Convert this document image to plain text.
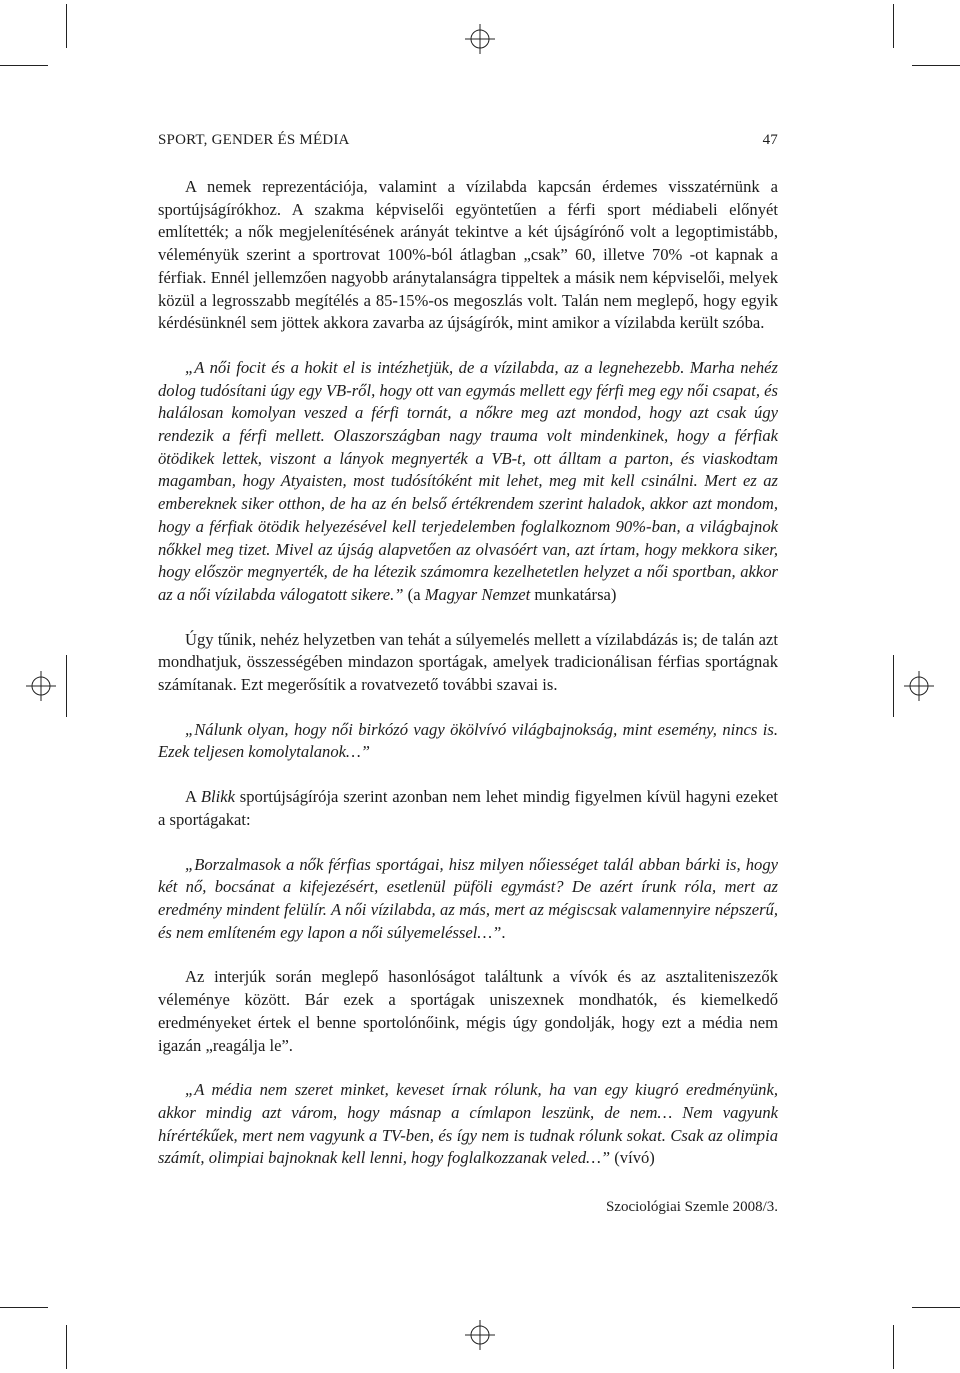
SPORT, GENDER ÉS MÉDIA	47

A nemek reprezentációja, valamint a vízilabda kapcsán érdemes visszatérnünk a sportújságírókhoz. A szakma képviselői egyöntetűen a férfi sport médiabeli előnyét említették; a nők megjelenítésének arányát tekintve a két újságírónő volt a legoptimistább, véleményük szerint a sportrovat 100%-ból átlagban „csak” 60, illetve 70% -ot kapnak a férfiak. Ennél jellemzően nagyobb aránytalanságra tippeltek a másik nem képviselői, melyek közül a legrosszabb megítélés a 85-15%-os megoszlás volt. Talán nem meglepő, hogy egyik kérdésünknél sem jöttek akkora zavarba az újságírók, mint amikor a vízilabda került szóba.

„A női focit és a hokit el is intézhetjük, de a vízilabda, az a legnehezebb. Marha nehéz dolog tudósítani úgy egy VB-ről, hogy ott van egymás mellett egy férfi meg egy női csapat, és halálosan komolyan veszed a férfi tornát, a nőkre meg azt mondod, hogy azt csak úgy rendezik a férfi mellett. Olaszországban nagy trauma volt mindenkinek, hogy a férfiak ötödikek lettek, viszont a lányok megnyerték a VB-t, ott álltam a parton, és viaskodtam magamban, hogy Atyaisten, most tudósítóként mit lehet, meg mit kell csinálni. Mert ez az embereknek siker otthon, de ha az én belső értékrendem szerint haladok, akkor azt mondom, hogy a férfiak ötödik helyezésével kell terjedelemben foglalkoznom 90%-ban, a világbajnok nőkkel meg tizet. Mivel az újság alapvetően az olvasóért van, azt írtam, hogy mekkora siker, hogy először megnyerték, de ha létezik számomra kezelhetetlen helyzet a női sportban, akkor az a női vízilabda válogatott sikere.” (a Magyar Nemzet munkatársa)

Úgy tűnik, nehéz helyzetben van tehát a súlyemelés mellett a vízilabdázás is; de talán azt mondhatjuk, összességében mindazon sportágak, amelyek tradicionálisan férfias sportágnak számítanak. Ezt megerősítik a rovatvezető további szavai is.

„Nálunk olyan, hogy női birkózó vagy ökölvívó világbajnokság, mint esemény, nincs is. Ezek teljesen komolytalanok…”

A Blikk sportújságírója szerint azonban nem lehet mindig figyelmen kívül hagyni ezeket a sportágakat:

„Borzalmasok a nők férfias sportágai, hisz milyen nőiességet talál abban bárki is, hogy két nő, bocsánat a kifejezésért, esetlenül püföli egymást? De azért írunk róla, mert az eredmény mindent felülír. A női vízilabda, az más, mert az mégiscsak valamennyire népszerű, és nem említeném egy lapon a női súlyemeléssel…”.

Az interjúk során meglepő hasonlóságot találtunk a vívók és az asztaliteniszezők véleménye között. Bár ezek a sportágak uniszexnek mondhatók, és kiemelkedő eredményeket értek el benne sportolónőink, mégis úgy gondolják, hogy ezt a média nem igazán „reagálja le”.

„A média nem szeret minket, keveset írnak rólunk, ha van egy kiugró eredményünk, akkor mindig azt várom, hogy másnap a címlapon leszünk, de nem… Nem vagyunk hírértékűek, mert nem vagyunk a TV-ben, és így nem is tudnak rólunk sokat. Csak az olimpia számít, olimpiai bajnoknak kell lenni, hogy foglalkozzanak veled…” (vívó)

Szociológiai Szemle 2008/3.
